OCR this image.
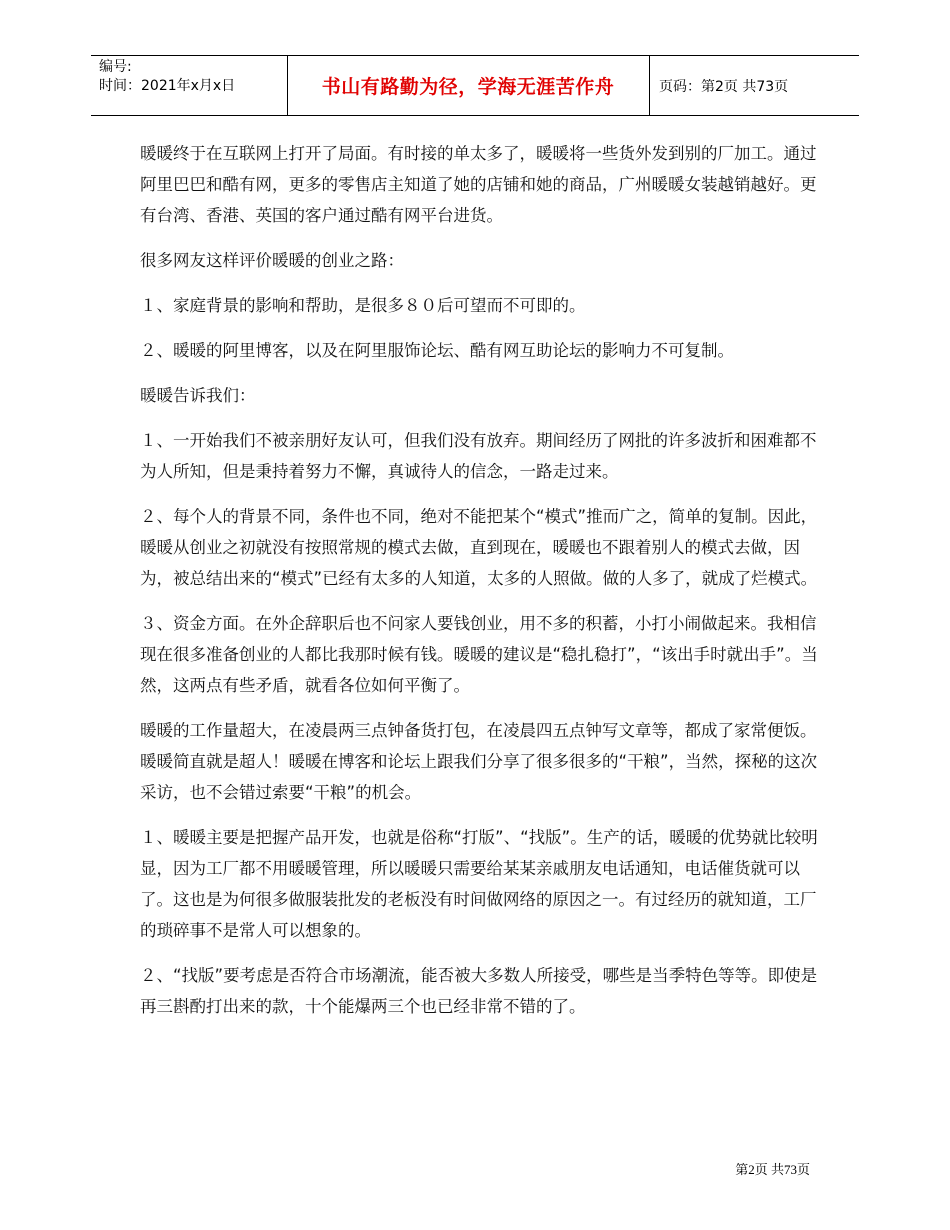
编号:
时间：2021年x月x日	书山有路勤为径，学海无涯苦作舟	页码：第2页 共73页

暖暖终于在互联网上打开了局面。有时接的单太多了，暖暖将一些货外发到别的厂加工。通过阿里巴巴和酷有网，更多的零售店主知道了她的店铺和她的商品，广州暖暖女装越销越好。更有台湾、香港、英国的客户通过酷有网平台进货。

很多网友这样评价暖暖的创业之路：

１、家庭背景的影响和帮助，是很多８０后可望而不可即的。

２、暖暖的阿里博客，以及在阿里服饰论坛、酷有网互助论坛的影响力不可复制。

暖暖告诉我们：

１、一开始我们不被亲朋好友认可，但我们没有放弃。期间经历了网批的许多波折和困难都不为人所知，但是秉持着努力不懈，真诚待人的信念，一路走过来。

２、每个人的背景不同，条件也不同，绝对不能把某个“模式”推而广之，简单的复制。因此，暖暖从创业之初就没有按照常规的模式去做，直到现在，暖暖也不跟着别人的模式去做，因为，被总结出来的“模式”已经有太多的人知道，太多的人照做。做的人多了，就成了烂模式。

３、资金方面。在外企辞职后也不问家人要钱创业，用不多的积蓄，小打小闹做起来。我相信现在很多准备创业的人都比我那时候有钱。暖暖的建议是“稳扎稳打”，“该出手时就出手”。当然，这两点有些矛盾，就看各位如何平衡了。

暖暖的工作量超大，在凌晨两三点钟备货打包，在凌晨四五点钟写文章等，都成了家常便饭。暖暖简直就是超人！暖暖在博客和论坛上跟我们分享了很多很多的“干粮”，当然，探秘的这次采访，也不会错过索要“干粮”的机会。

１、暖暖主要是把握产品开发，也就是俗称“打版”、“找版”。生产的话，暖暖的优势就比较明显，因为工厂都不用暖暖管理，所以暖暖只需要给某某亲戚朋友电话通知，电话催货就可以了。这也是为何很多做服装批发的老板没有时间做网络的原因之一。有过经历的就知道，工厂的琐碎事不是常人可以想象的。

２、“找版”要考虑是否符合市场潮流，能否被大多数人所接受，哪些是当季特色等等。即使是再三斟酌打出来的款，十个能爆两三个也已经非常不错的了。

第2页 共73页
